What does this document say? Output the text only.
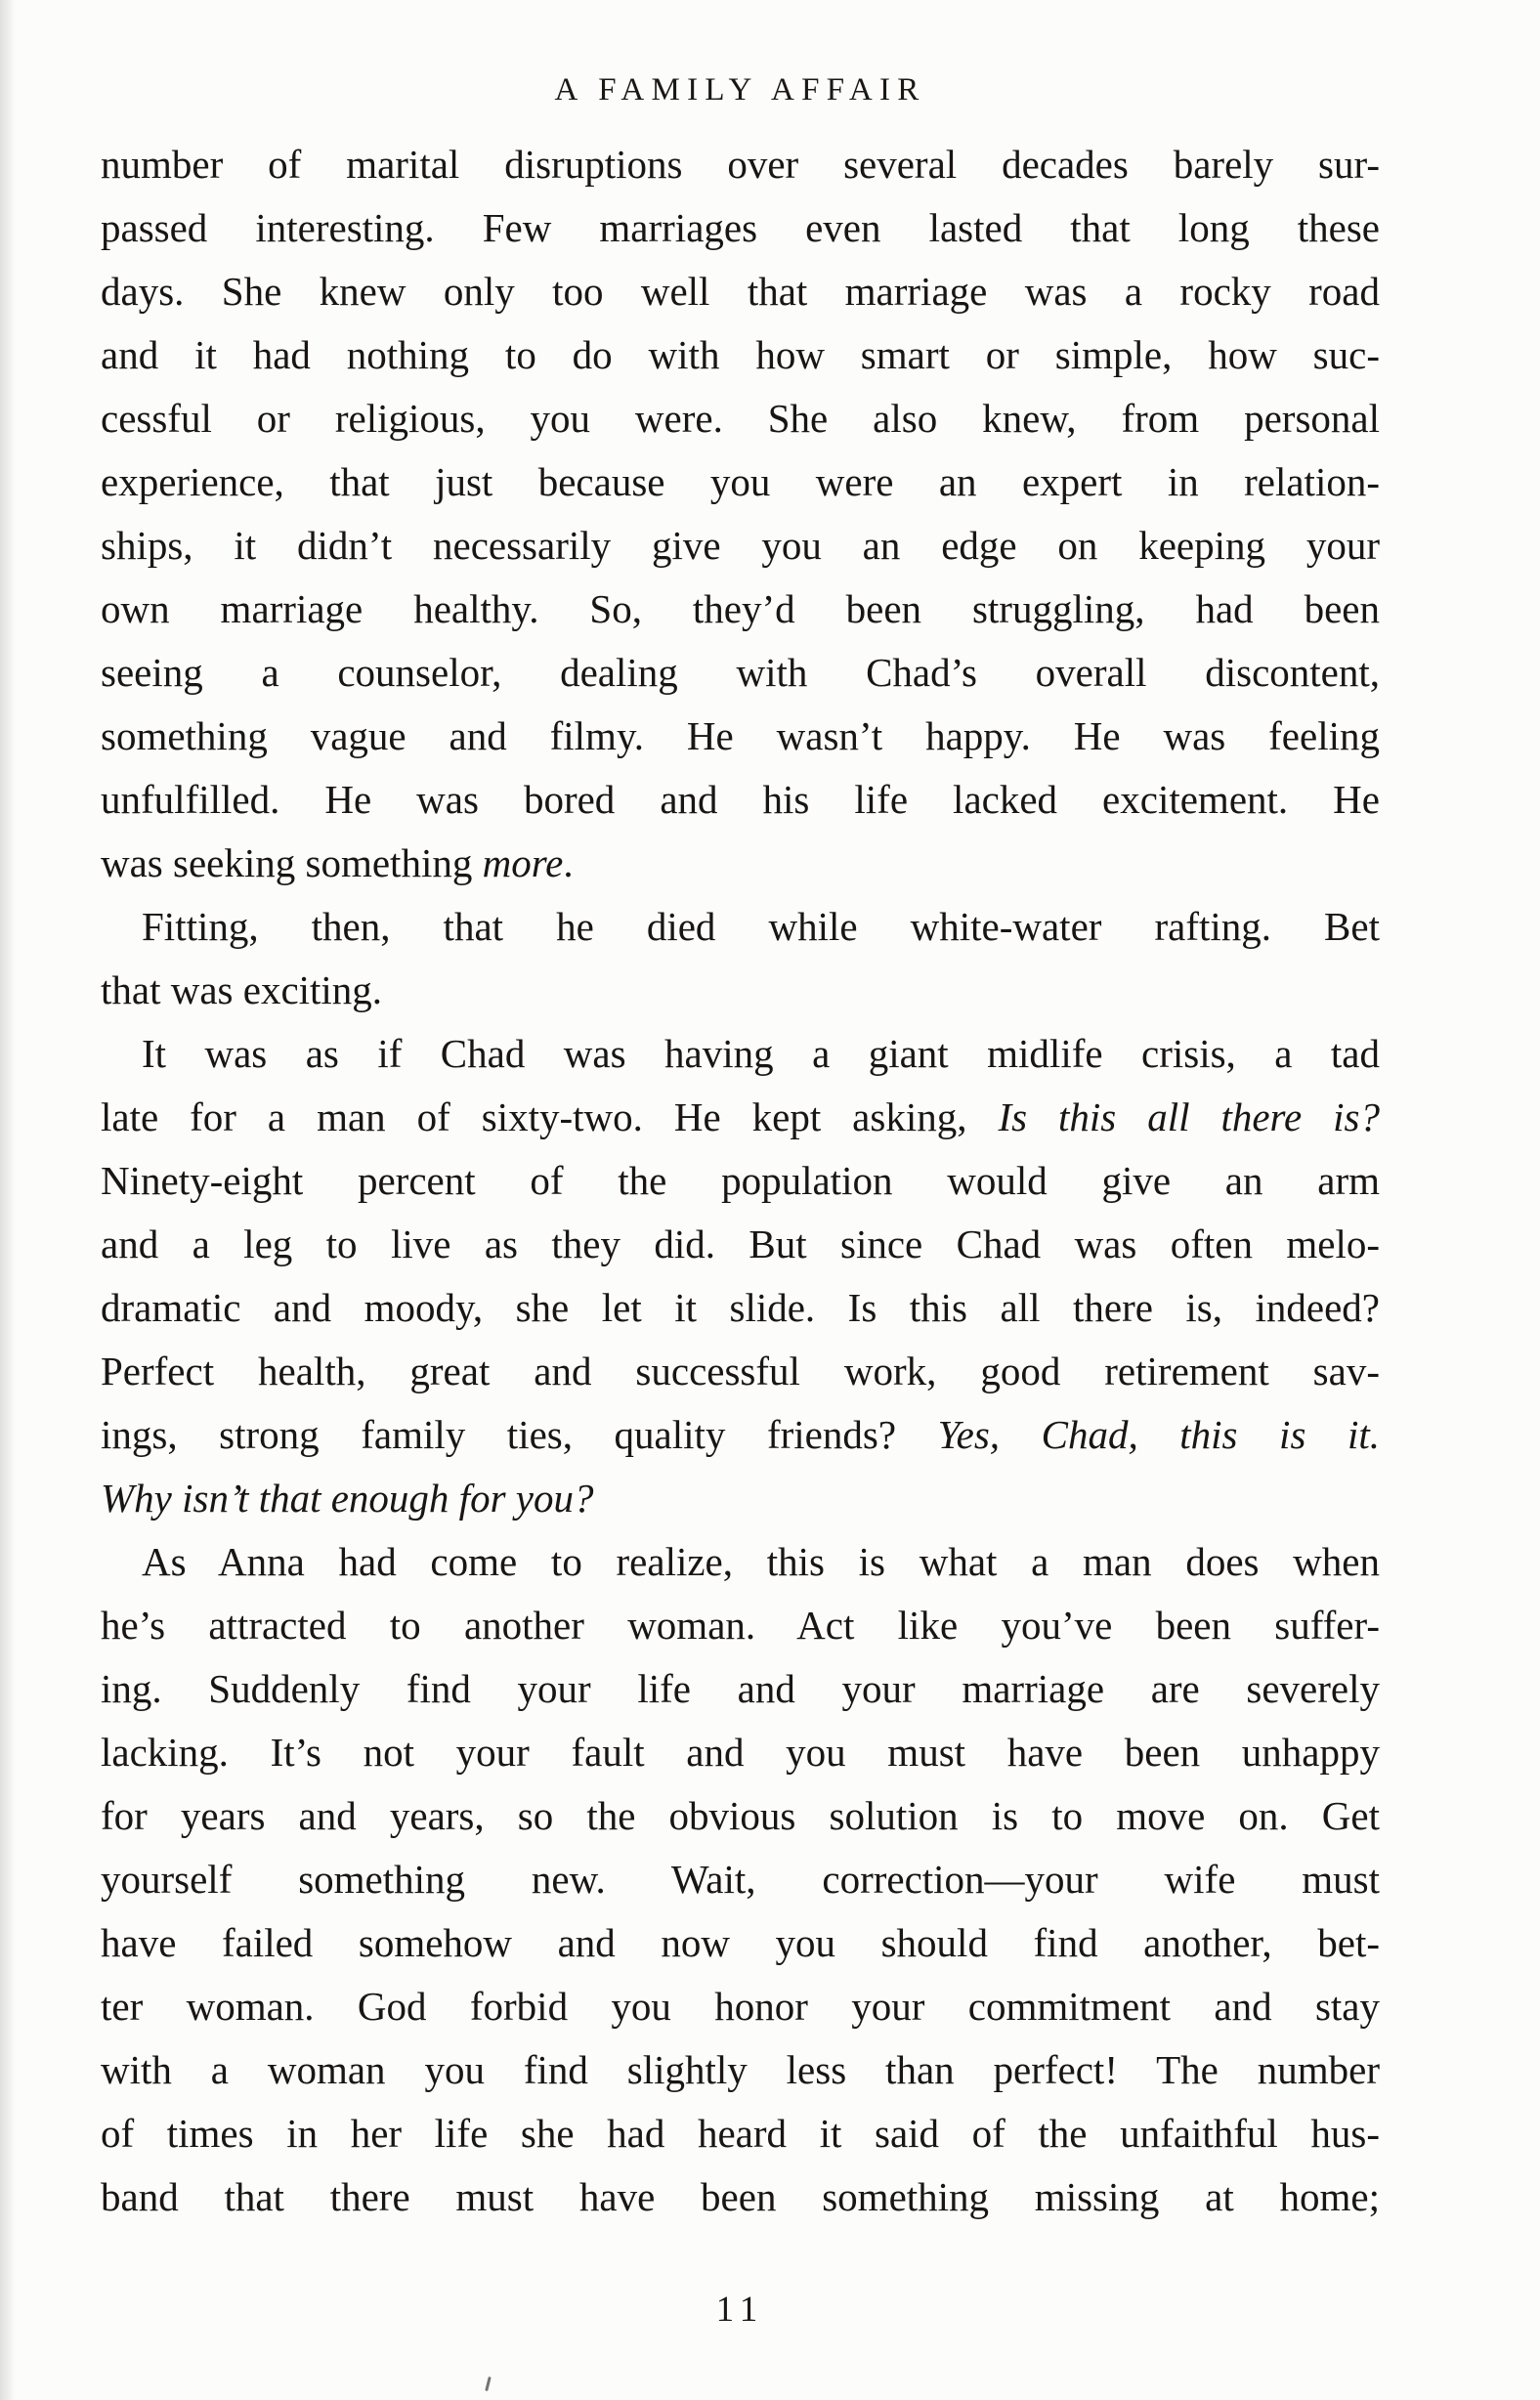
A FAMILY AFFAIR
number of marital disruptions over several decades barely sur-
passed interesting. Few marriages even lasted that long these
days. She knew only too well that marriage was a rocky road
and it had nothing to do with how smart or simple, how suc-
cessful or religious, you were. She also knew, from personal
experience, that just because you were an expert in relation-
ships, it didn’t necessarily give you an edge on keeping your
own marriage healthy. So, they’d been struggling, had been
seeing a counselor, dealing with Chad’s overall discontent,
something vague and filmy. He wasn’t happy. He was feeling
unfulfilled. He was bored and his life lacked excitement. He
was seeking something more.
Fitting, then, that he died while white-water rafting. Bet
that was exciting.
It was as if Chad was having a giant midlife crisis, a tad
late for a man of sixty-two. He kept asking, Is this all there is?
Ninety-eight percent of the population would give an arm
and a leg to live as they did. But since Chad was often melo-
dramatic and moody, she let it slide. Is this all there is, indeed?
Perfect health, great and successful work, good retirement sav-
ings, strong family ties, quality friends? Yes, Chad, this is it.
Why isn’t that enough for you?
As Anna had come to realize, this is what a man does when
he’s attracted to another woman. Act like you’ve been suffer-
ing. Suddenly find your life and your marriage are severely
lacking. It’s not your fault and you must have been unhappy
for years and years, so the obvious solution is to move on. Get
yourself something new. Wait, correction—your wife must
have failed somehow and now you should find another, bet-
ter woman. God forbid you honor your commitment and stay
with a woman you find slightly less than perfect! The number
of times in her life she had heard it said of the unfaithful hus-
band that there must have been something missing at home;
11
